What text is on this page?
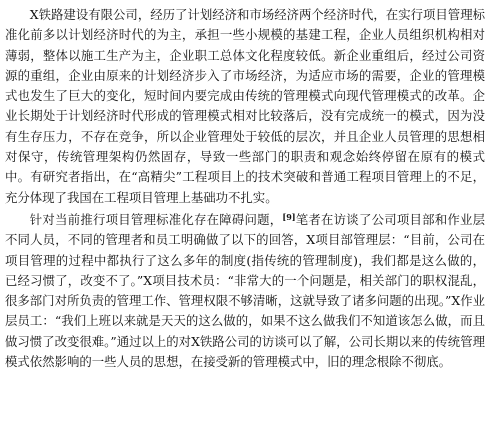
X铁路建设有限公司，经历了计划经济和市场经济两个经济时代，在实行项目管理标准化前多以计划经济时代的为主，承担一些小规模的基建工程，企业人员组织机构相对薄弱，整体以施工生产为主，企业职工总体文化程度较低。新企业重组后，经过公司资源的重组，企业由原来的计划经济步入了市场经济，为适应市场的需要，企业的管理模式也发生了巨大的变化，短时间内要完成由传统的管理模式向现代管理模式的改革。企业长期处于计划经济时代形成的管理模式相对比较落后，没有完成统一的模式，因为没有生存压力，不存在竞争，所以企业管理处于较低的层次，并且企业人员管理的思想相对保守，传统管理架构仍然固存，导致一些部门的职责和观念始终停留在原有的模式中。有研究者指出，在“高精尖”工程项目上的技术突破和普通工程项目管理上的不足，充分体现了我国在工程项目管理上基础功不扎实。

针对当前推行项目管理标准化存在障碍问题，[9]笔者在访谈了公司项目部和作业层不同人员，不同的管理者和员工明确做了以下的回答，X项目部管理层：“目前，公司在项目管理的过程中都执行了这么多年的制度(指传统的管理制度)，我们都是这么做的，已经习惯了，改变不了。”X项目技术员：“非常大的一个问题是，相关部门的职权混乱，很多部门对所负责的管理工作、管理权限不够清晰，这就导致了诸多问题的出现。”X作业层员工：“我们上班以来就是天天的这么做的，如果不这么做我们不知道该怎么做，而且做习惯了改变很难。”通过以上的对X铁路公司的访谈可以了解，公司长期以来的传统管理模式依然影响的一些人员的思想，在接受新的管理模式中，旧的理念根除不彻底。
